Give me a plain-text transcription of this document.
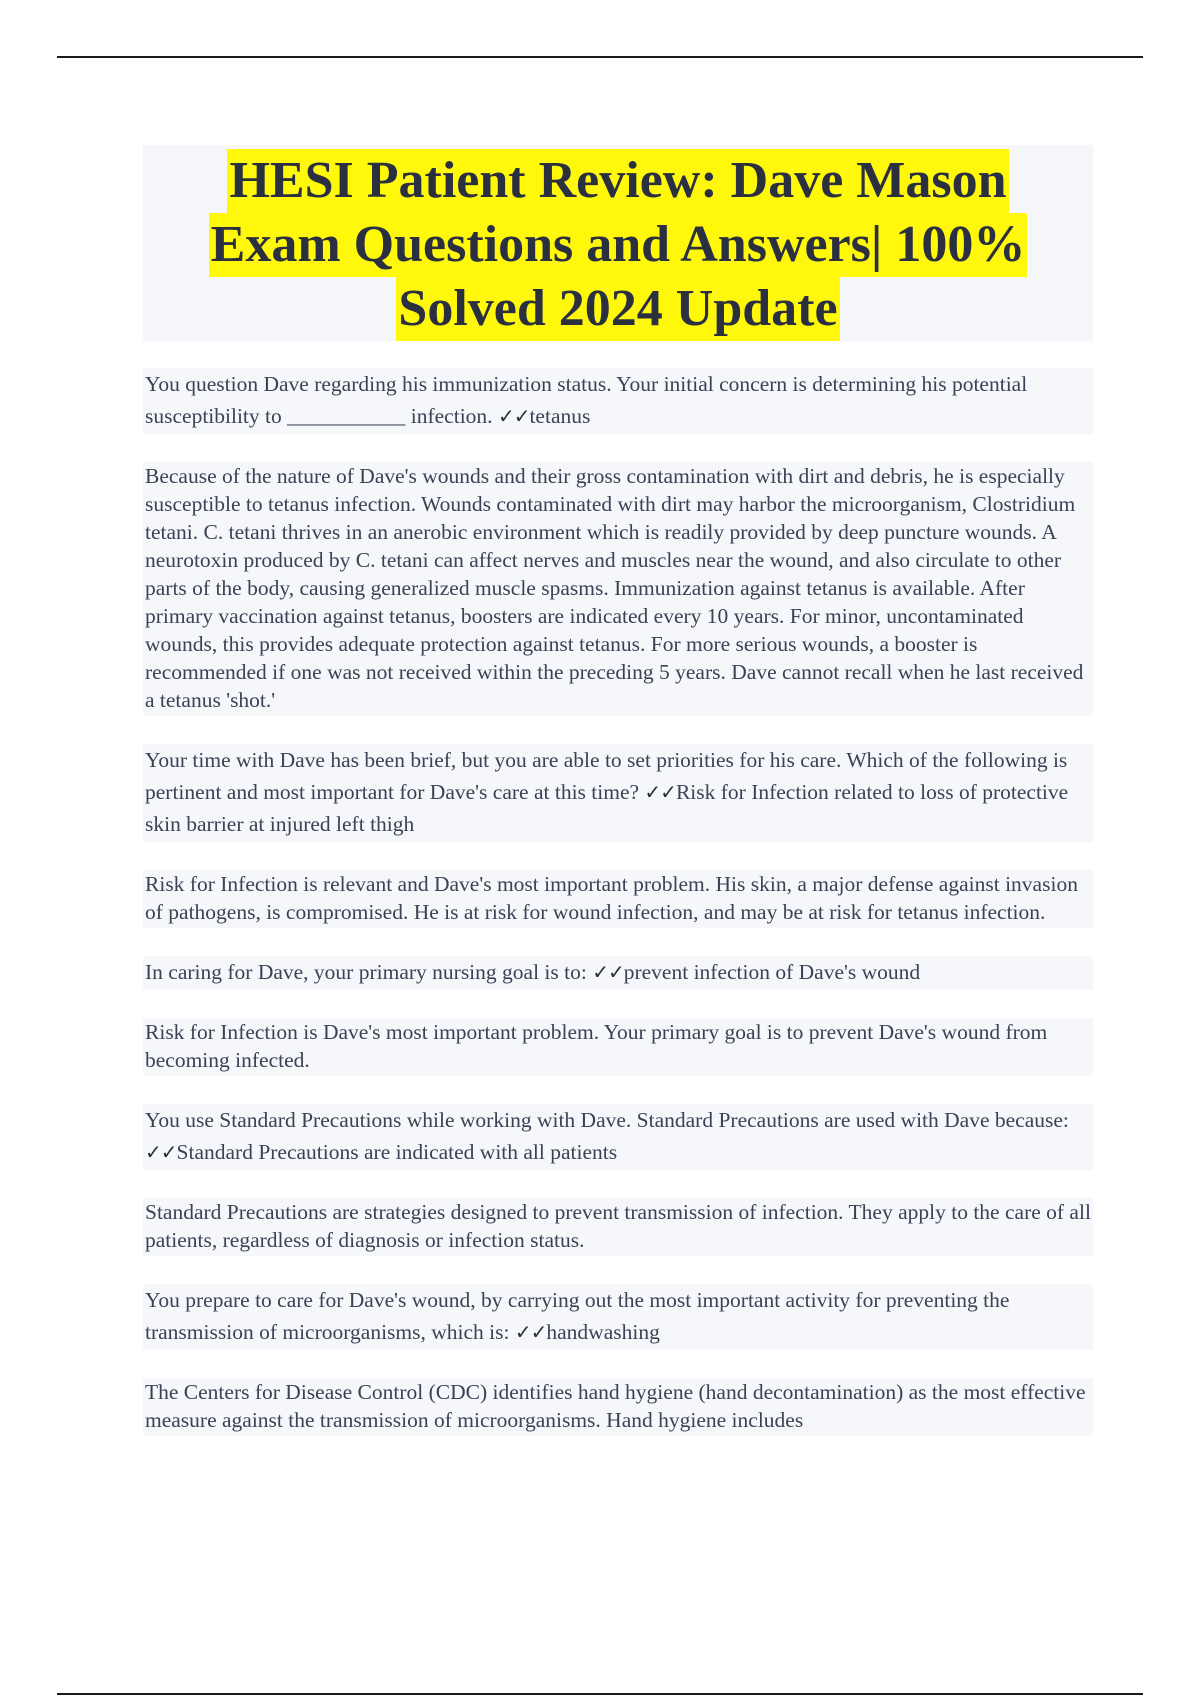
HESI Patient Review: Dave Mason
Exam Questions and Answers| 100%
Solved 2024 Update

You question Dave regarding his immunization status. Your initial concern is determining his potential susceptibility to ___________ infection. ✓✓tetanus

Because of the nature of Dave's wounds and their gross contamination with dirt and debris, he is especially susceptible to tetanus infection. Wounds contaminated with dirt may harbor the microorganism, Clostridium tetani. C. tetani thrives in an anerobic environment which is readily provided by deep puncture wounds. A neurotoxin produced by C. tetani can affect nerves and muscles near the wound, and also circulate to other parts of the body, causing generalized muscle spasms. Immunization against tetanus is available. After primary vaccination against tetanus, boosters are indicated every 10 years. For minor, uncontaminated wounds, this provides adequate protection against tetanus. For more serious wounds, a booster is recommended if one was not received within the preceding 5 years. Dave cannot recall when he last received a tetanus 'shot.'

Your time with Dave has been brief, but you are able to set priorities for his care. Which of the following is pertinent and most important for Dave's care at this time? ✓✓Risk for Infection related to loss of protective skin barrier at injured left thigh

Risk for Infection is relevant and Dave's most important problem. His skin, a major defense against invasion of pathogens, is compromised. He is at risk for wound infection, and may be at risk for tetanus infection.

In caring for Dave, your primary nursing goal is to: ✓✓prevent infection of Dave's wound

Risk for Infection is Dave's most important problem. Your primary goal is to prevent Dave's wound from becoming infected.

You use Standard Precautions while working with Dave. Standard Precautions are used with Dave because: ✓✓Standard Precautions are indicated with all patients

Standard Precautions are strategies designed to prevent transmission of infection. They apply to the care of all patients, regardless of diagnosis or infection status.

You prepare to care for Dave's wound, by carrying out the most important activity for preventing the transmission of microorganisms, which is: ✓✓handwashing

The Centers for Disease Control (CDC) identifies hand hygiene (hand decontamination) as the most effective measure against the transmission of microorganisms. Hand hygiene includes
